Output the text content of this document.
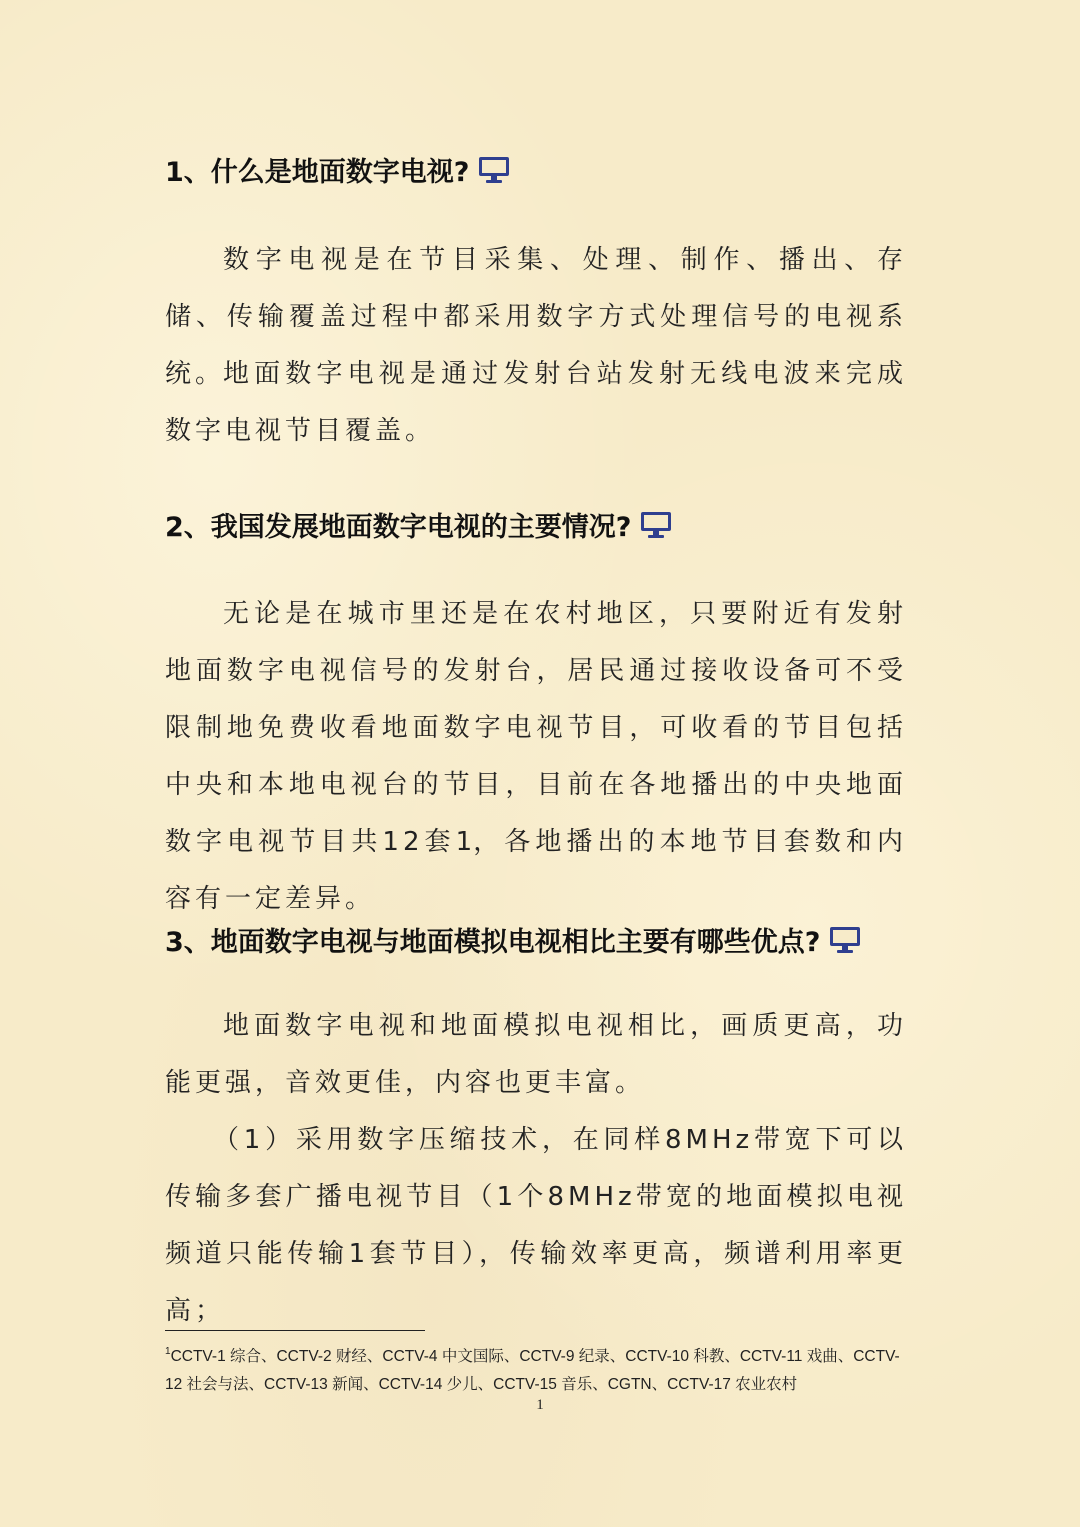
1、什么是地面数字电视?

数字电视是在节目采集、处理、制作、播出、存储、传输覆盖过程中都采用数字方式处理信号的电视系统。

地面数字电视是通过发射台站发射无线电波来完成数字电视节目覆盖。

2、我国发展地面数字电视的主要情况?

无论是在城市里还是在农村地区，只要附近有发射地面数字电视信号的发射台，居民通过接收设备可不受限制地免费收看地面数字电视节目，可收看的节目包括中央和本地电视台的节目，目前在各地播出的中央地面数字电视节目共12套1，各地播出的本地节目套数和内容有一定差异。

3、地面数字电视与地面模拟电视相比主要有哪些优点?

地面数字电视和地面模拟电视相比，画质更高，功能更强，音效更佳，内容也更丰富。

（1）采用数字压缩技术，在同样8MHz带宽下可以传输多套广播电视节目（1个8MHz带宽的地面模拟电视频道只能传输1套节目），传输效率更高，频谱利用率更高；

$^1$CCTV-1 综合、CCTV-2 财经、CCTV-4 中文国际、CCTV-9 纪录、CCTV-10 科教、CCTV-11 戏曲、CCTV-12 社会与法、CCTV-13 新闻、CCTV-14 少儿、CCTV-15 音乐、CGTN、CCTV-17 农业农村
1
